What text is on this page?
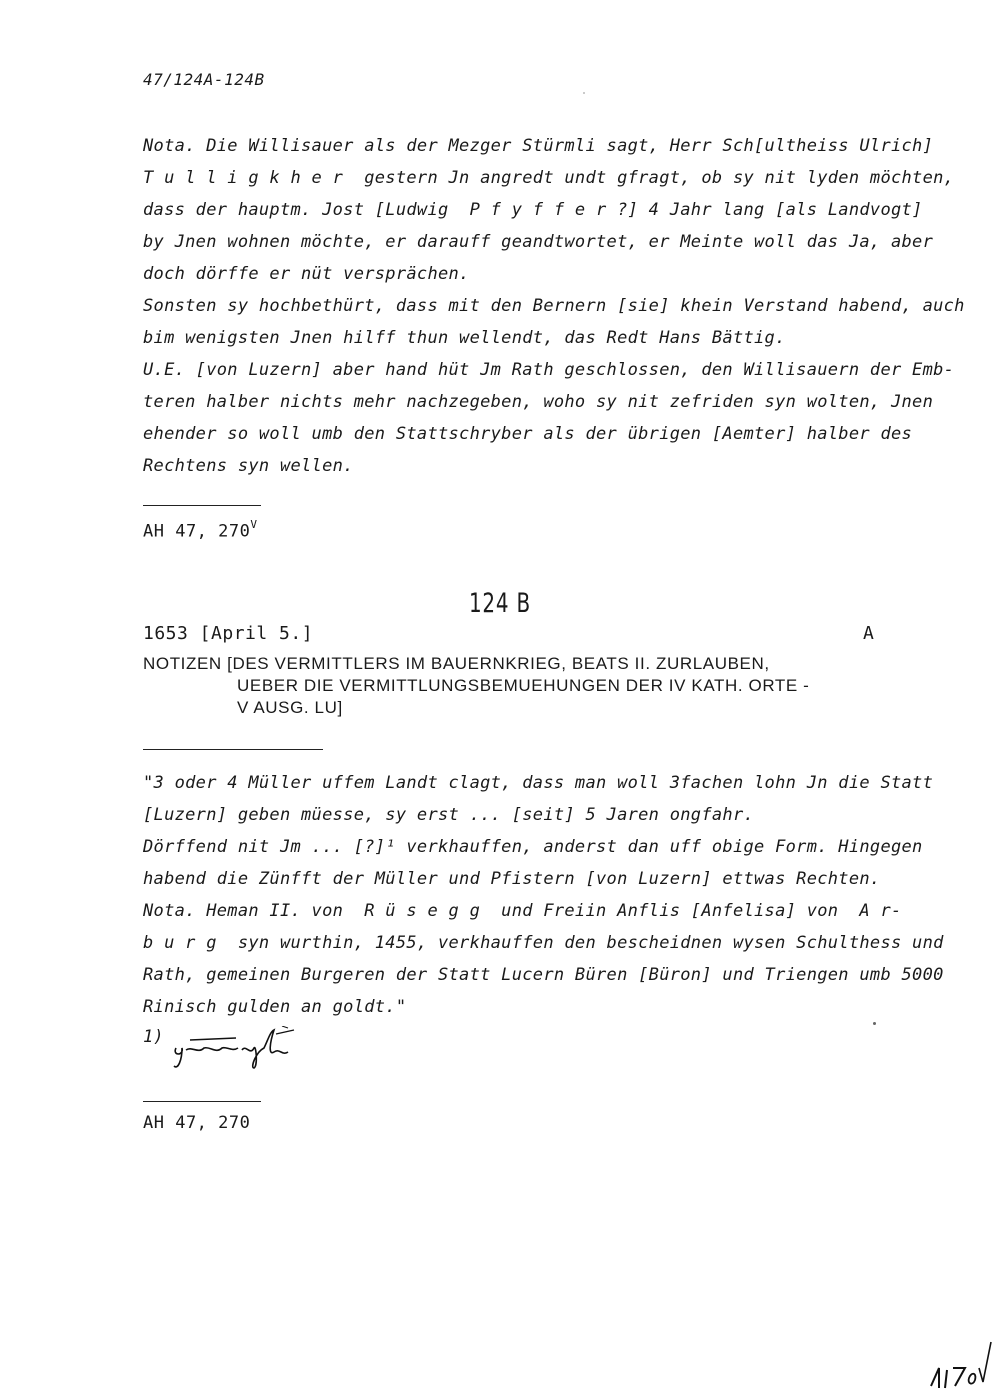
47/124A-124B
Nota. Die Willisauer als der Mezger Stürmli sagt, Herr Sch[ultheiss Ulrich]
T u l l i g k h e r  gestern Jn angredt undt gfragt, ob sy nit lyden möchten,
dass der hauptm. Jost [Ludwig  P f y f f e r ?] 4 Jahr lang [als Landvogt]
by Jnen wohnen möchte, er darauff geandtwortet, er Meinte woll das Ja, aber
doch dörffe er nüt versprächen.
Sonsten sy hochbethürt, dass mit den Bernern [sie] khein Verstand habend, auch
bim wenigsten Jnen hilff thun wellendt, das Redt Hans Bättig.
U.E. [von Luzern] aber hand hüt Jm Rath geschlossen, den Willisauern der Emb-
teren halber nichts mehr nachzegeben, woho sy nit zefriden syn wolten, Jnen
ehender so woll umb den Stattschryber als der übrigen [Aemter] halber des
Rechtens syn wellen.
AH 47, $270^V$
124 B
1653 [April 5.]	A
NOTIZEN [DES VERMITTLERS IM BAUERNKRIEG, BEATS II. ZURLAUBEN,
UEBER DIE VERMITTLUNGSBEMUEHUNGEN DER IV KATH. ORTE -
V AUSG. LU]
"3 oder 4 Müller uffem Landt clagt, dass man woll 3fachen lohn Jn die Statt
[Luzern] geben müesse, sy erst ... [seit] 5 Jaren ongfahr.
Dörffend nit Jm ... [?]¹ verkhauffen, anderst dan uff obige Form. Hingegen
habend die Zünfft der Müller und Pfistern [von Luzern] ettwas Rechten.
Nota. Heman II. von  R ü s e g g  und Freiin Anflis [Anfelisa] von  A r-
b u r g  syn wurthin, 1455, verkhauffen den bescheidnen wysen Schulthess und
Rath, gemeinen Burgeren der Statt Lucern Büren [Büron] und Triengen umb 5000
Rinisch gulden an goldt."
1)
AH 47, 270
